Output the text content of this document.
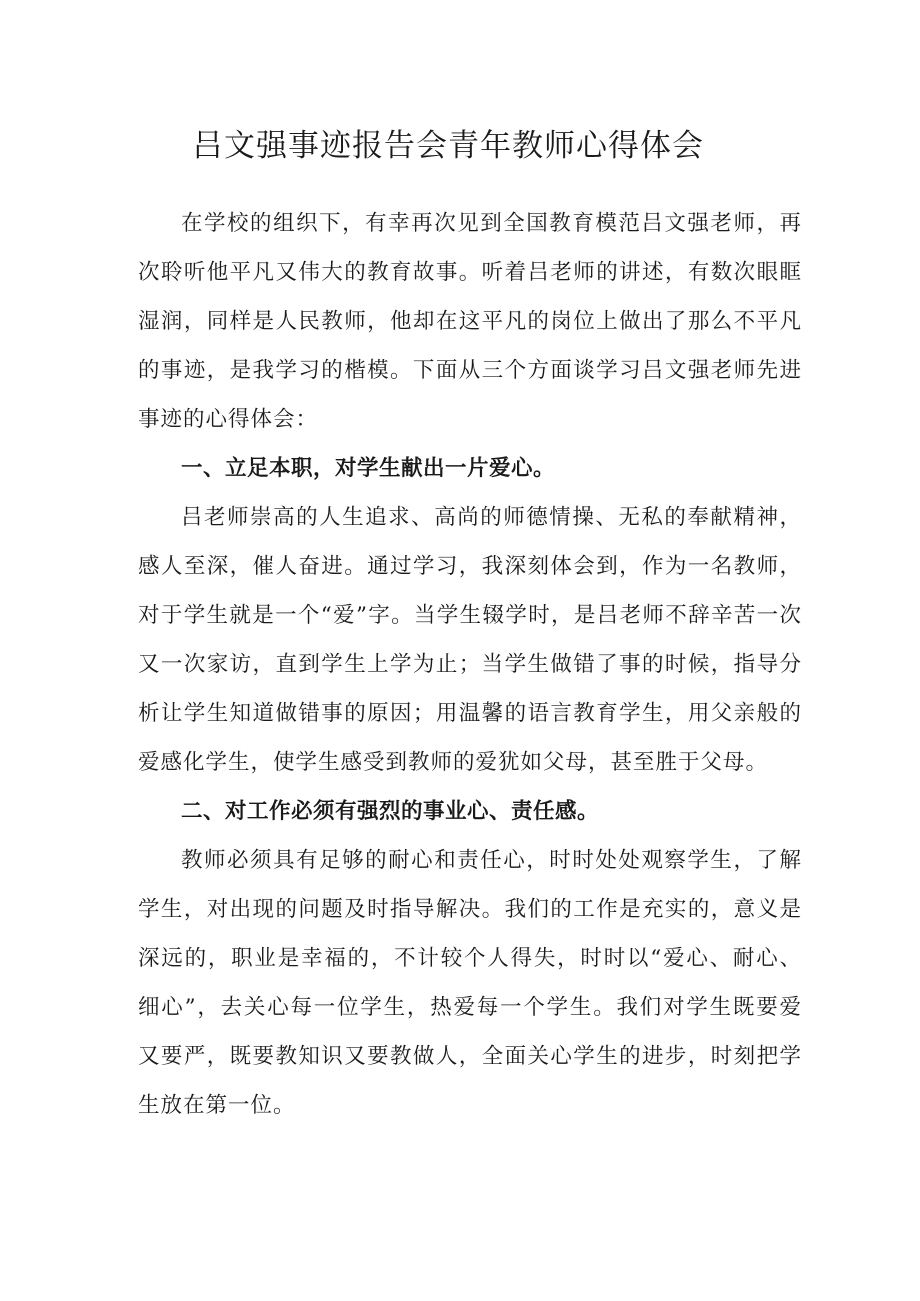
吕文强事迹报告会青年教师心得体会

在学校的组织下，有幸再次见到全国教育模范吕文强老师，再次聆听他平凡又伟大的教育故事。听着吕老师的讲述，有数次眼眶湿润，同样是人民教师，他却在这平凡的岗位上做出了那么不平凡的事迹，是我学习的楷模。下面从三个方面谈学习吕文强老师先进事迹的心得体会：

一、立足本职，对学生献出一片爱心。

吕老师崇高的人生追求、高尚的师德情操、无私的奉献精神，感人至深，催人奋进。通过学习，我深刻体会到，作为一名教师，对于学生就是一个“爱”字。当学生辍学时，是吕老师不辞辛苦一次又一次家访，直到学生上学为止；当学生做错了事的时候，指导分析让学生知道做错事的原因；用温馨的语言教育学生，用父亲般的爱感化学生，使学生感受到教师的爱犹如父母，甚至胜于父母。

二、对工作必须有强烈的事业心、责任感。

教师必须具有足够的耐心和责任心，时时处处观察学生，了解学生，对出现的问题及时指导解决。我们的工作是充实的，意义是深远的，职业是幸福的，不计较个人得失，时时以“爱心、耐心、细心”，去关心每一位学生，热爱每一个学生。我们对学生既要爱又要严，既要教知识又要教做人，全面关心学生的进步，时刻把学生放在第一位。
